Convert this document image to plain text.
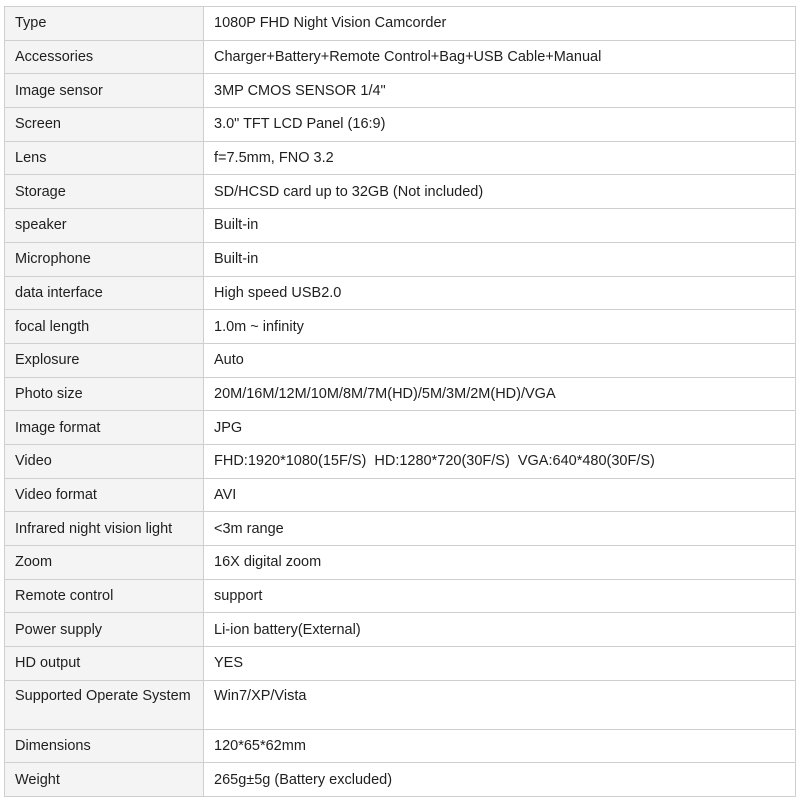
Type	1080P FHD Night Vision Camcorder
Accessories	Charger+Battery+Remote Control+Bag+USB Cable+Manual
Image sensor	3MP CMOS SENSOR 1/4"
Screen	3.0" TFT LCD Panel (16:9)
Lens	f=7.5mm, FNO 3.2
Storage	SD/HCSD card up to 32GB (Not included)
speaker	Built-in
Microphone	Built-in
data interface	High speed USB2.0
focal length	1.0m ~ infinity
Explosure	Auto
Photo size	20M/16M/12M/10M/8M/7M(HD)/5M/3M/2M(HD)/VGA
Image format	JPG
Video	FHD:1920*1080(15F/S)  HD:1280*720(30F/S)  VGA:640*480(30F/S)
Video format	AVI
Infrared night vision light	<3m range
Zoom	16X digital zoom
Remote control	support
Power supply	Li-ion battery(External)
HD output	YES
Supported Operate System	Win7/XP/Vista
Dimensions	120*65*62mm
Weight	265g±5g (Battery excluded)
